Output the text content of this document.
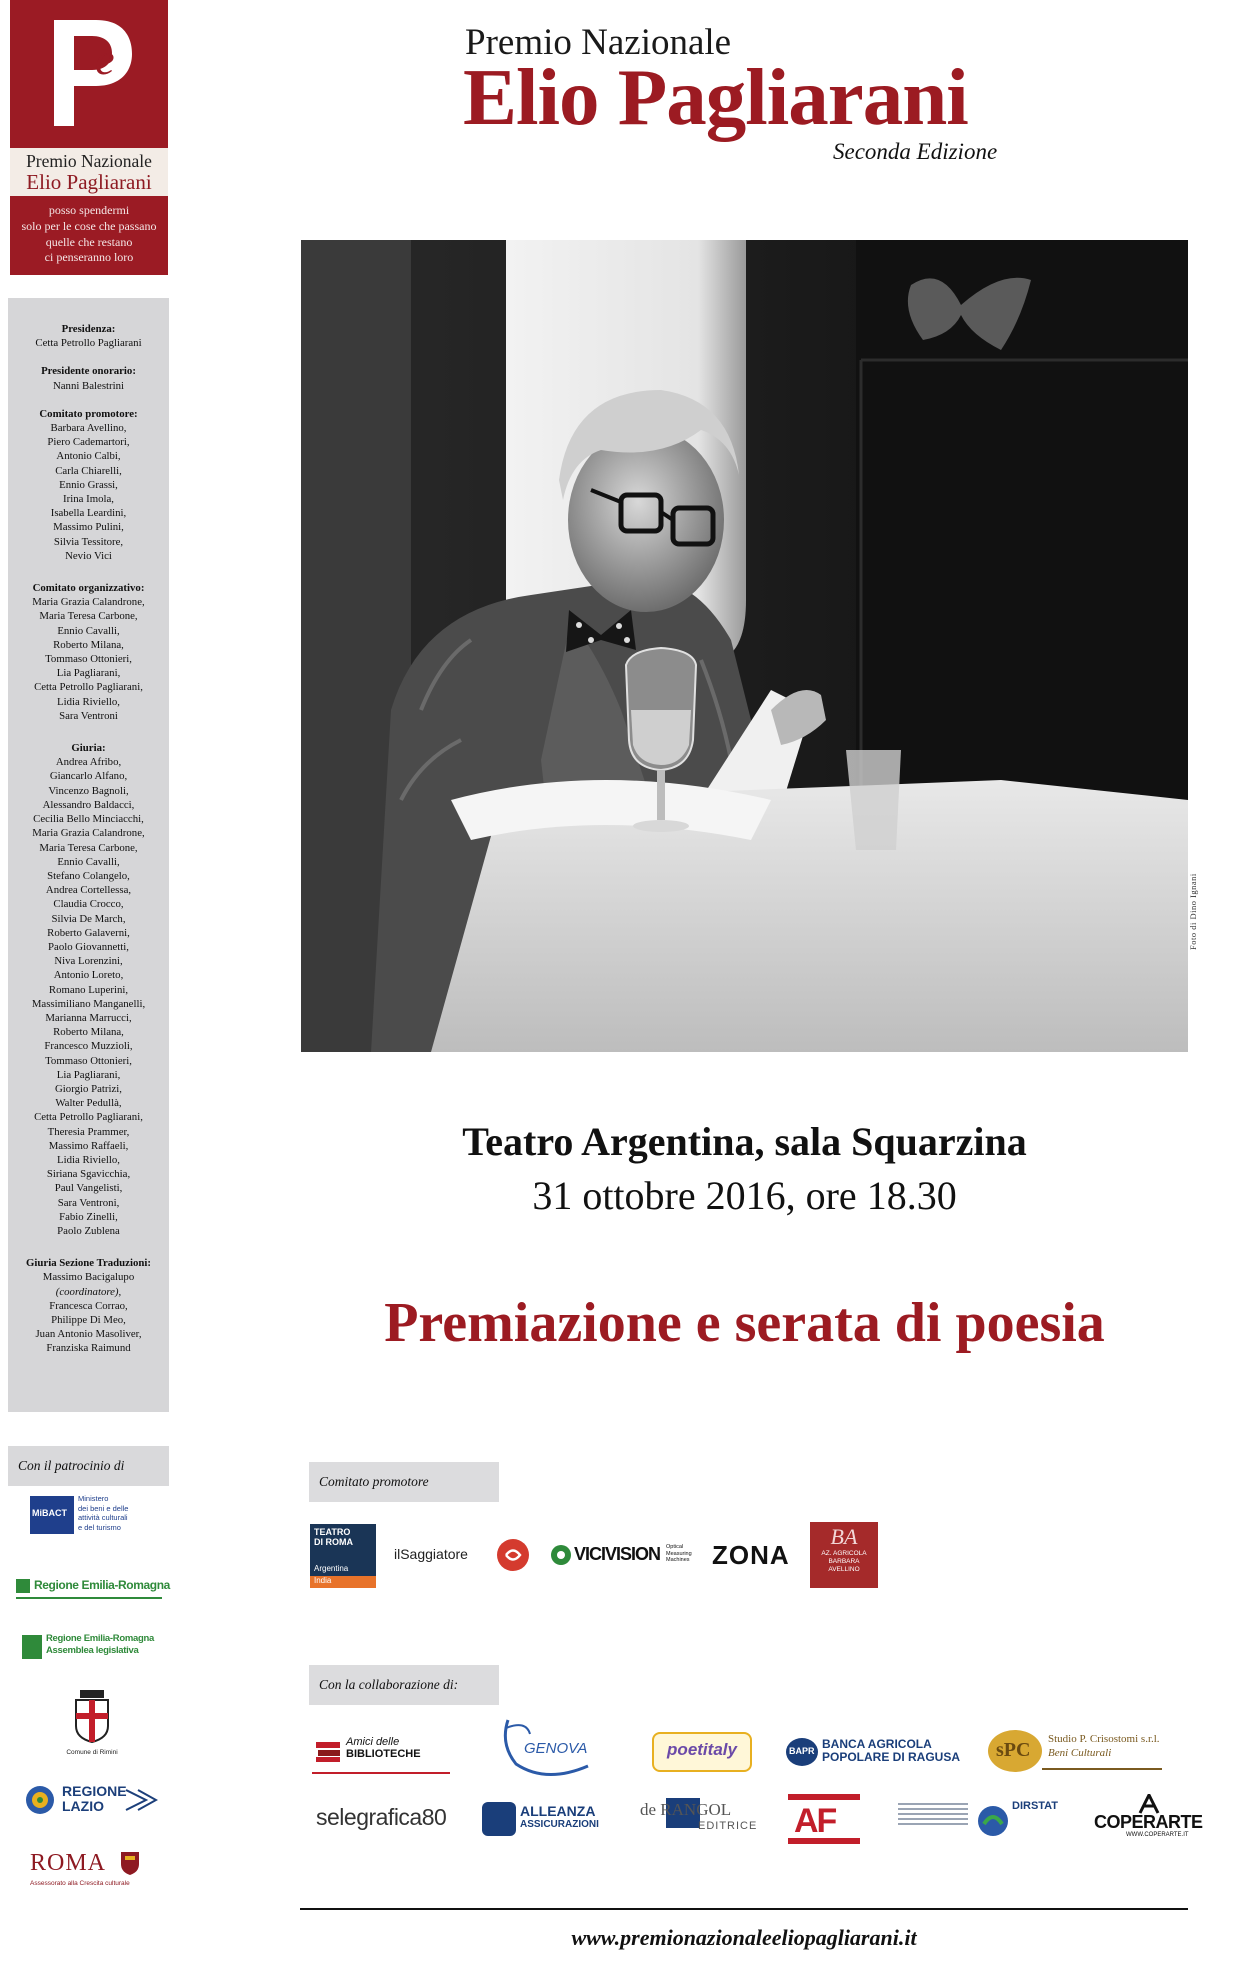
e
Premio Nazionale
Elio Pagliarani
posso spendermi
solo per le cose che passano
quelle che restano
ci penseranno loro
Presidenza:
Cetta Petrollo Pagliarani
Presidente onorario:
Nanni Balestrini
Comitato promotore:
Barbara Avellino,
Piero Cademartori,
Antonio Calbi,
Carla Chiarelli,
Ennio Grassi,
Irina Imola,
Isabella Leardini,
Massimo Pulini,
Silvia Tessitore,
Nevio Vici
Comitato organizzativo:
Maria Grazia Calandrone,
Maria Teresa Carbone,
Ennio Cavalli,
Roberto Milana,
Tommaso Ottonieri,
Lia Pagliarani,
Cetta Petrollo Pagliarani,
Lidia Riviello,
Sara Ventroni
Giuria:
Andrea Afribo,
Giancarlo Alfano,
Vincenzo Bagnoli,
Alessandro Baldacci,
Cecilia Bello Minciacchi,
Maria Grazia Calandrone,
Maria Teresa Carbone,
Ennio Cavalli,
Stefano Colangelo,
Andrea Cortellessa,
Claudia Crocco,
Silvia De March,
Roberto Galaverni,
Paolo Giovannetti,
Niva Lorenzini,
Antonio Loreto,
Romano Luperini,
Massimiliano Manganelli,
Marianna Marrucci,
Roberto Milana,
Francesco Muzzioli,
Tommaso Ottonieri,
Lia Pagliarani,
Giorgio Patrizi,
Walter Pedullà,
Cetta Petrollo Pagliarani,
Theresia Prammer,
Massimo Raffaeli,
Lidia Riviello,
Siriana Sgavicchia,
Paul Vangelisti,
Sara Ventroni,
Fabio Zinelli,
Paolo Zublena
Giuria Sezione Traduzioni:
Massimo Bacigalupo
(coordinatore),
Francesca Corrao,
Philippe Di Meo,
Juan Antonio Masoliver,
Franziska Raimund
Con il patrocinio di
MiBACT
Ministero
dei beni e delle
attività culturali
e del turismo
Regione Emilia-Romagna
Regione Emilia-Romagna
Assemblea legislativa
Comune di Rimini
REGIONE
LAZIO
ROMA
Assessorato alla Crescita culturale
Premio Nazionale
Elio Pagliarani
Seconda Edizione
Foto di Dino Ignani
Teatro Argentina, sala Squarzina
31 ottobre 2016, ore 18.30
Premiazione e serata di poesia
Comitato promotore
TEATRO
DI ROMA
Argentina
India
ilSaggiatore	VICIVISION Optical Measuring Machines ZONA
BA
AZ. AGRICOLA
BARBARA
AVELLINO
Con la collaborazione di:
Amici delle
BIBLIOTECHE	GENOVA	poetitaly	BAPR BANCA AGRICOLA
POPOLARE DI RAGUSA sPC Studio P. Crisostomi s.r.l.
Beni Culturali
selegrafica80	ALLEANZA
ASSICURAZIONI
de RANGOL
EDITRICE AF	DIRSTAT
COPERARTE
WWW.COPERARTE.IT
www.premionazionaleeliopagliarani.it
